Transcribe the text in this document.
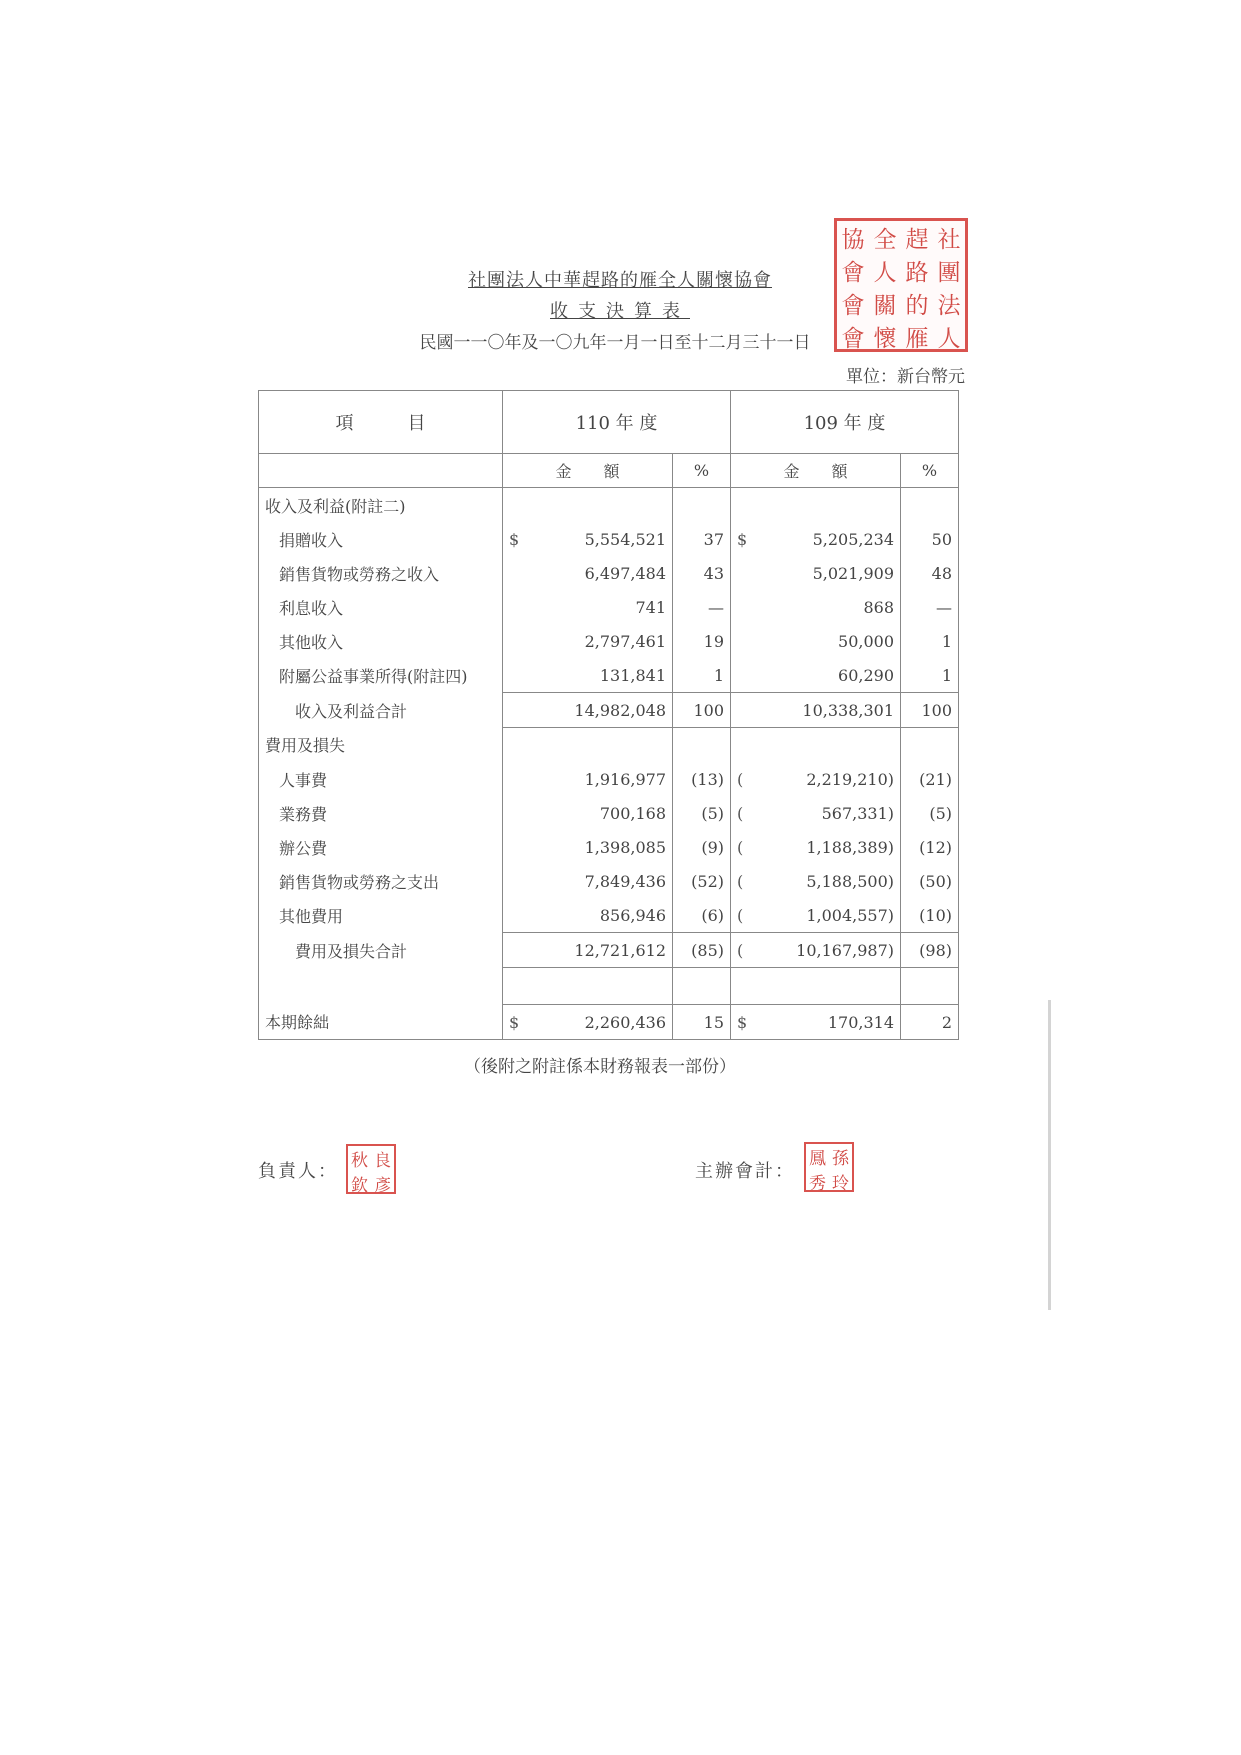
社團法人中華趕路的雁全人關懷協會
收支決算表
民國一一〇年及一〇九年一月一日至十二月三十一日
單位：新台幣元
協 全 趕 社
會 人 路 團
會 關 的 法
會 懷 雁 人
項　　　目	110 年 度		109 年 度	
	金　　額	%	金　　額	%
收入及利益(附註二)	

捐贈收入	$ 5,554,521	37	$ 5,205,234	50
銷售貨物或勞務之收入	6,497,484	43	5,021,909	48
利息收入	741	—	868	—
其他收入	2,797,461	19	50,000	1
附屬公益事業所得(附註四)	131,841	1	60,290	1
收入及利益合計	14,982,048	100	10,338,301	100
費用及損失	

人事費	1,916,977	(13)	( 2,219,210)	(21)
業務費	700,168	(5)	( 567,331)	(5)
辦公費	1,398,085	(9)	( 1,188,389)	(12)
銷售貨物或勞務之支出	7,849,436	(52)	( 5,188,500)	(50)
其他費用	856,946	(6)	( 1,004,557)	(10)
費用及損失合計	12,721,612	(85)	( 10,167,987)	(98)

本期餘絀	$ 2,260,436	15	$ 170,314	2
（後附之附註係本財務報表一部份）
負責人： 秋 良
欽 彥
主辦會計：
鳳 孫
秀 玲
